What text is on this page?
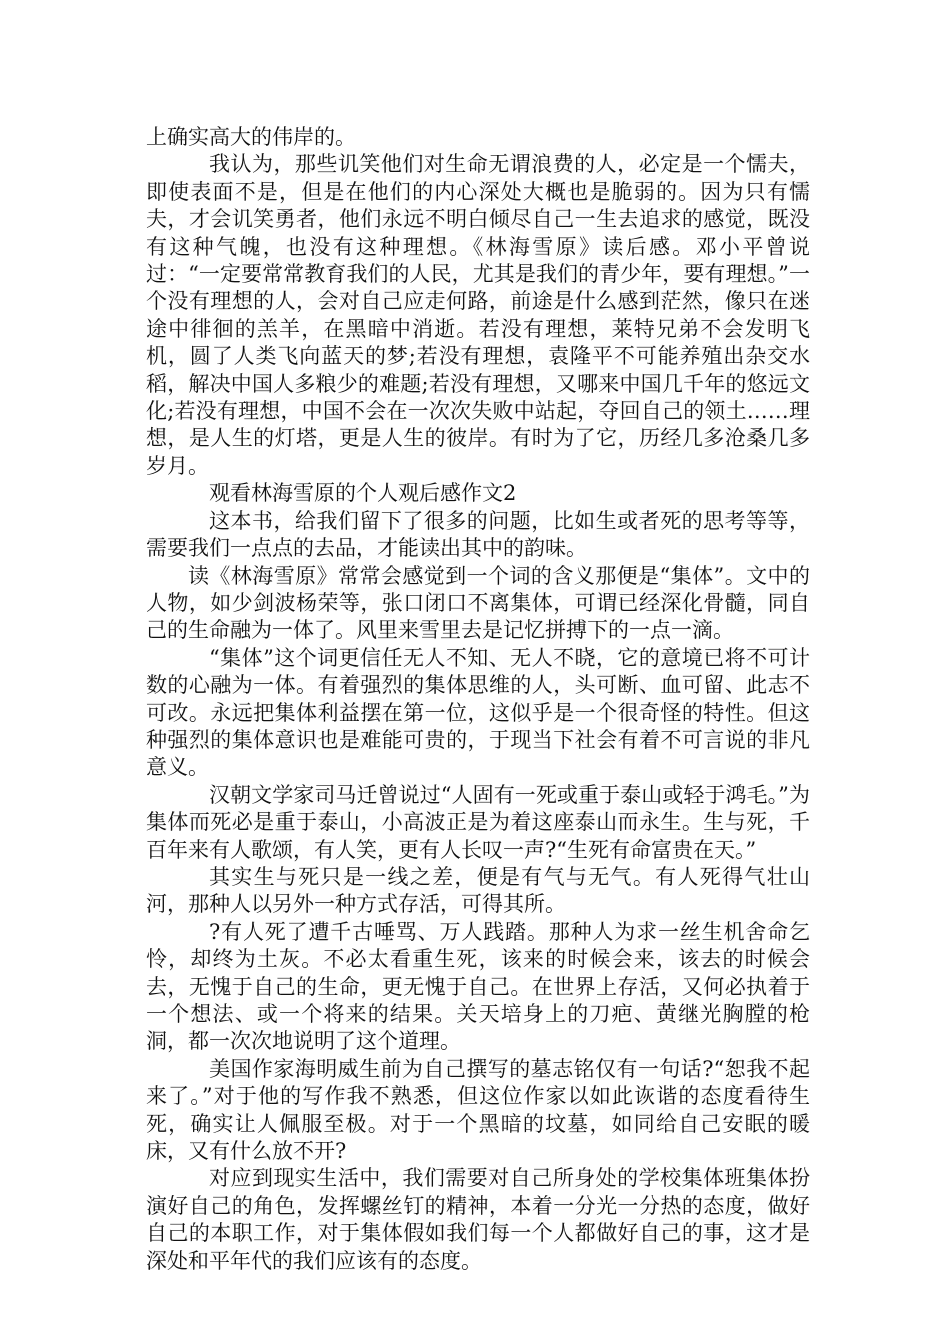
上确实高大的伟岸的。

我认为，那些讥笑他们对生命无谓浪费的人，必定是一个懦夫，即使表面不是，但是在他们的内心深处大概也是脆弱的。因为只有懦夫，才会讥笑勇者，他们永远不明白倾尽自己一生去追求的感觉，既没有这种气魄，也没有这种理想。《林海雪原》读后感。邓小平曾说过：“一定要常常教育我们的人民，尤其是我们的青少年，要有理想。”一个没有理想的人，会对自己应走何路，前途是什么感到茫然，像只在迷途中徘徊的羔羊，在黑暗中消逝。若没有理想，莱特兄弟不会发明飞机，圆了人类飞向蓝天的梦;若没有理想，袁隆平不可能养殖出杂交水稻，解决中国人多粮少的难题;若没有理想，又哪来中国几千年的悠远文化;若没有理想，中国不会在一次次失败中站起，夺回自己的领土……理想，是人生的灯塔，更是人生的彼岸。有时为了它，历经几多沧桑几多岁月。

观看林海雪原的个人观后感作文2

这本书，给我们留下了很多的问题，比如生或者死的思考等等，需要我们一点点的去品，才能读出其中的韵味。

读《林海雪原》常常会感觉到一个词的含义那便是“集体”。文中的人物，如少剑波杨荣等，张口闭口不离集体，可谓已经深化骨髓，同自己的生命融为一体了。风里来雪里去是记忆拼搏下的一点一滴。

“集体”这个词更信任无人不知、无人不晓，它的意境已将不可计数的心融为一体。有着强烈的集体思维的人，头可断、血可留、此志不可改。永远把集体利益摆在第一位，这似乎是一个很奇怪的特性。但这种强烈的集体意识也是难能可贵的，于现当下社会有着不可言说的非凡意义。

汉朝文学家司马迁曾说过“人固有一死或重于泰山或轻于鸿毛。”为集体而死必是重于泰山，小高波正是为着这座泰山而永生。生与死，千百年来有人歌颂，有人笑，更有人长叹一声?“生死有命富贵在天。”

其实生与死只是一线之差，便是有气与无气。有人死得气壮山河，那种人以另外一种方式存活，可得其所。

?有人死了遭千古唾骂、万人践踏。那种人为求一丝生机舍命乞怜，却终为土灰。不必太看重生死，该来的时候会来，该去的时候会去，无愧于自己的生命，更无愧于自己。在世界上存活，又何必执着于一个想法、或一个将来的结果。关天培身上的刀疤、黄继光胸膛的枪洞，都一次次地说明了这个道理。

美国作家海明威生前为自己撰写的墓志铭仅有一句话?“恕我不起来了。”对于他的写作我不熟悉，但这位作家以如此诙谐的态度看待生死，确实让人佩服至极。对于一个黑暗的坟墓，如同给自己安眠的暖床，又有什么放不开?

对应到现实生活中，我们需要对自己所身处的学校集体班集体扮演好自己的角色，发挥螺丝钉的精神，本着一分光一分热的态度，做好自己的本职工作，对于集体假如我们每一个人都做好自己的事，这才是深处和平年代的我们应该有的态度。
